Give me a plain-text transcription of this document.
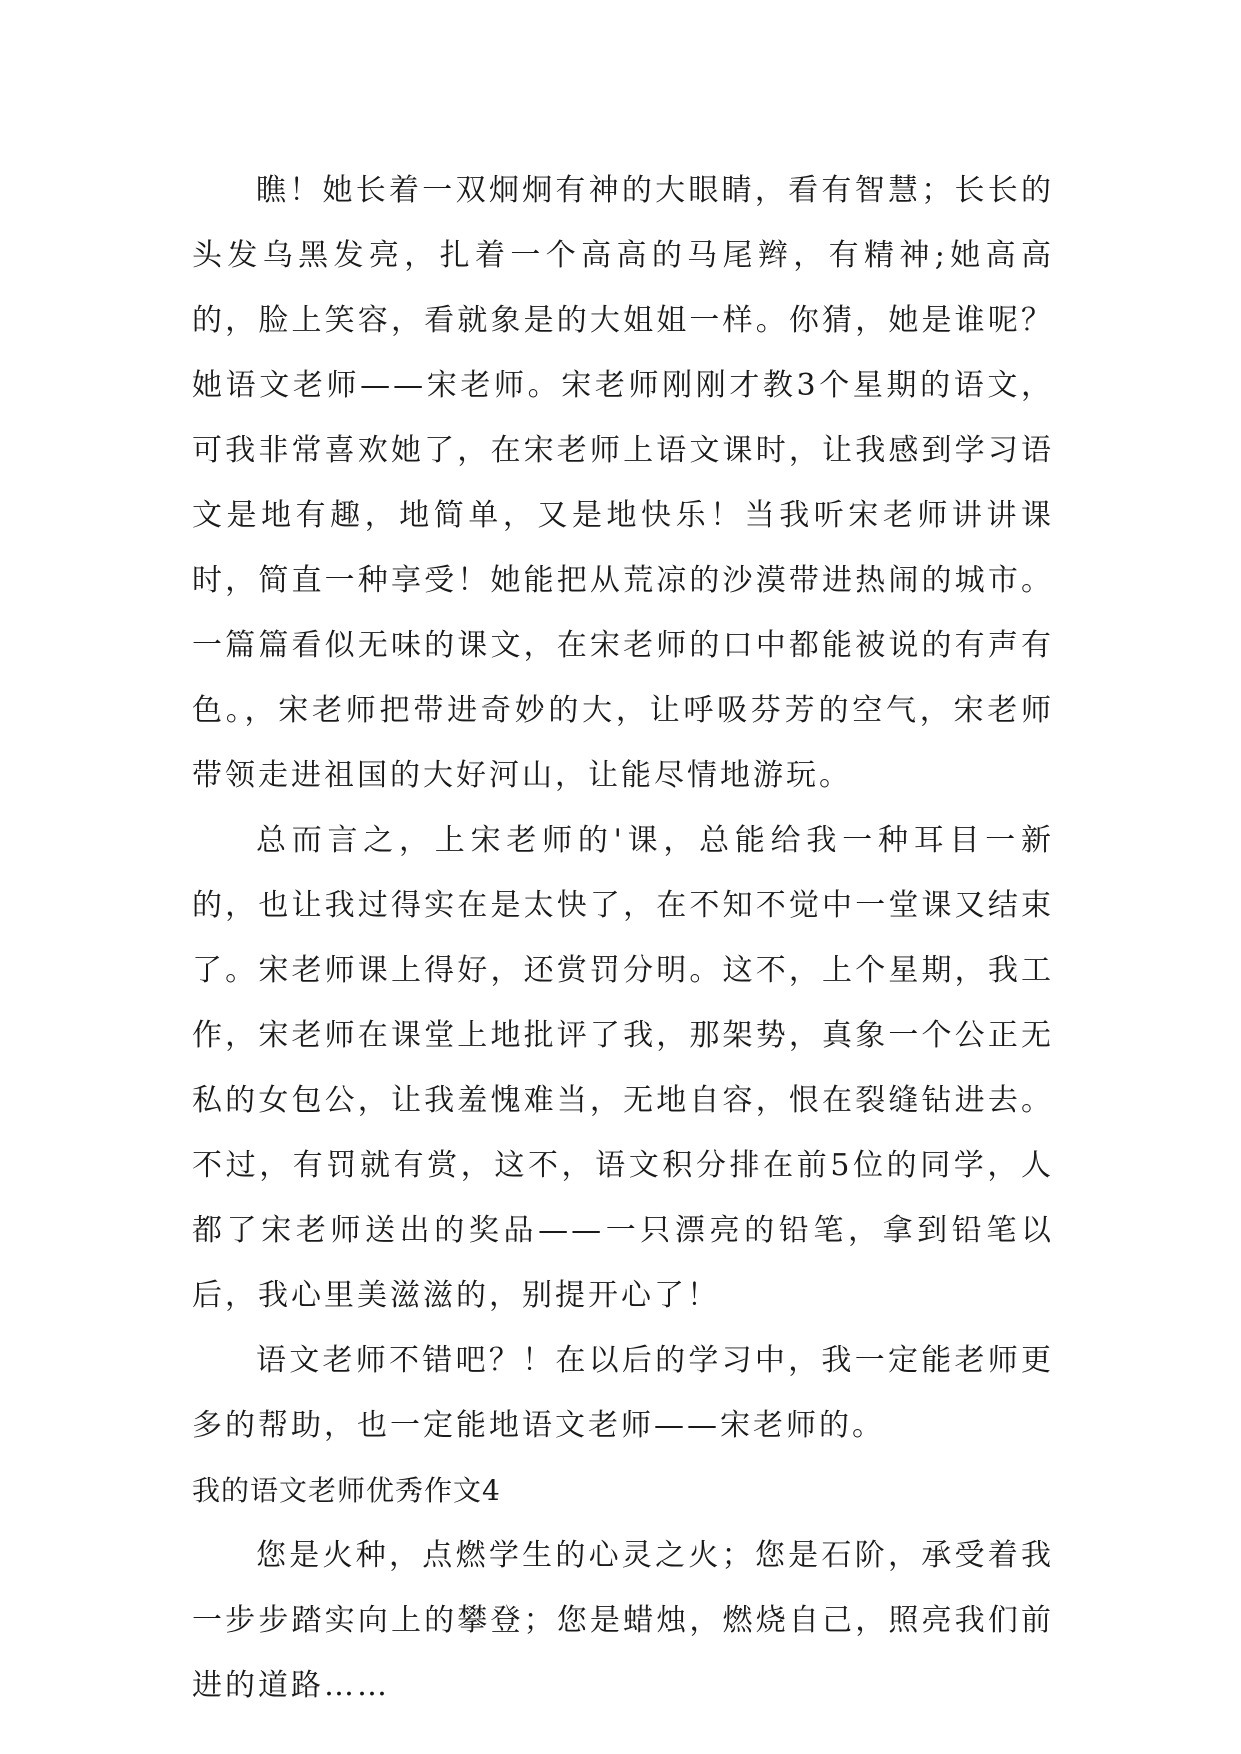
瞧！她长着一双炯炯有神的大眼睛，看有智慧；长长的头发乌黑发亮，扎着一个高高的马尾辫，有精神;她高高的，脸上笑容，看就象是的大姐姐一样。你猜，她是谁呢？她语文老师——宋老师。宋老师刚刚才教3个星期的语文，可我非常喜欢她了，在宋老师上语文课时，让我感到学习语文是地有趣，地简单，又是地快乐！当我听宋老师讲讲课时，简直一种享受！她能把从荒凉的沙漠带进热闹的城市。一篇篇看似无味的课文，在宋老师的口中都能被说的有声有色。，宋老师把带进奇妙的大，让呼吸芬芳的空气，宋老师带领走进祖国的大好河山，让能尽情地游玩。

总而言之，上宋老师的'课，总能给我一种耳目一新的，也让我过得实在是太快了，在不知不觉中一堂课又结束了。宋老师课上得好，还赏罚分明。这不，上个星期，我工作，宋老师在课堂上地批评了我，那架势，真象一个公正无私的女包公，让我羞愧难当，无地自容，恨在裂缝钻进去。不过，有罚就有赏，这不，语文积分排在前5位的同学，人都了宋老师送出的奖品——一只漂亮的铅笔，拿到铅笔以后，我心里美滋滋的，别提开心了！

语文老师不错吧？！在以后的学习中，我一定能老师更多的帮助，也一定能地语文老师——宋老师的。

我的语文老师优秀作文4

您是火种，点燃学生的心灵之火；您是石阶，承受着我一步步踏实向上的攀登；您是蜡烛，燃烧自己，照亮我们前进的道路……
